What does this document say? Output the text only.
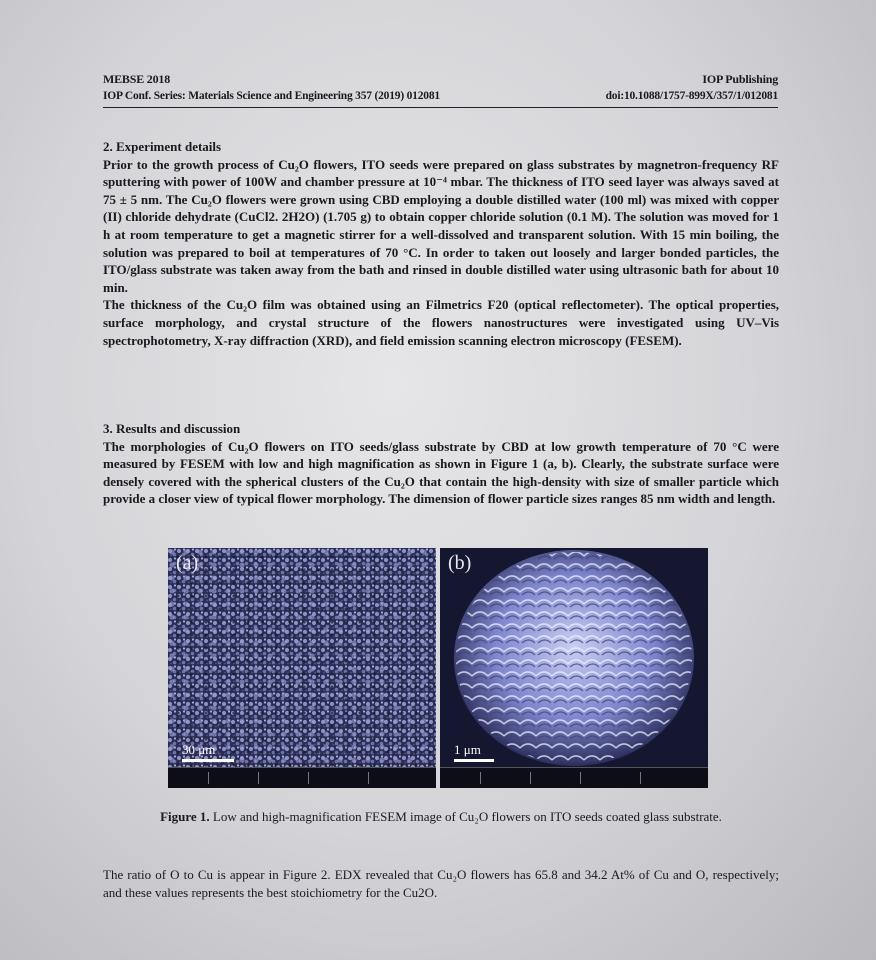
MEBSE 2018	IOP Publishing
IOP Conf. Series: Materials Science and Engineering 357 (2019) 012081	doi:10.1088/1757-899X/357/1/012081
2. Experiment details

Prior to the growth process of Cu₂O flowers, ITO seeds were prepared on glass substrates by magnetron-frequency RF sputtering with power of 100W and chamber pressure at 10⁻⁴ mbar. The thickness of ITO seed layer was always saved at 75 ± 5 nm. The Cu₂O flowers were grown using CBD employing a double distilled water (100 ml) was mixed with copper (II) chloride dehydrate (CuCl2. 2H2O) (1.705 g) to obtain copper chloride solution (0.1 M). The solution was moved for 1 h at room temperature to get a magnetic stirrer for a well-dissolved and transparent solution. With 15 min boiling, the solution was prepared to boil at temperatures of 70 °C. In order to taken out loosely and larger bonded particles, the ITO/glass substrate was taken away from the bath and rinsed in double distilled water using ultrasonic bath for about 10 min.

The thickness of the Cu₂O film was obtained using an Filmetrics F20 (optical reflectometer). The optical properties, surface morphology, and crystal structure of the flowers nanostructures were investigated using UV–Vis spectrophotometry, X-ray diffraction (XRD), and field emission scanning electron microscopy (FESEM).

3. Results and discussion

The morphologies of Cu₂O flowers on ITO seeds/glass substrate by CBD at low growth temperature of 70 °C were measured by FESEM with low and high magnification as shown in Figure 1 (a, b). Clearly, the substrate surface were densely covered with the spherical clusters of the Cu₂O that contain the high-density with size of smaller particle which provide a closer view of typical flower morphology. The dimension of flower particle sizes ranges 85 nm width and length.

(a)
30 μm
(b)
1 μm
Figure 1. Low and high-magnification FESEM image of Cu₂O flowers on ITO seeds coated glass substrate.

The ratio of O to Cu is appear in Figure 2. EDX revealed that Cu₂O flowers has 65.8 and 34.2 At% of Cu and O, respectively; and these values represents the best stoichiometry for the Cu2O.
